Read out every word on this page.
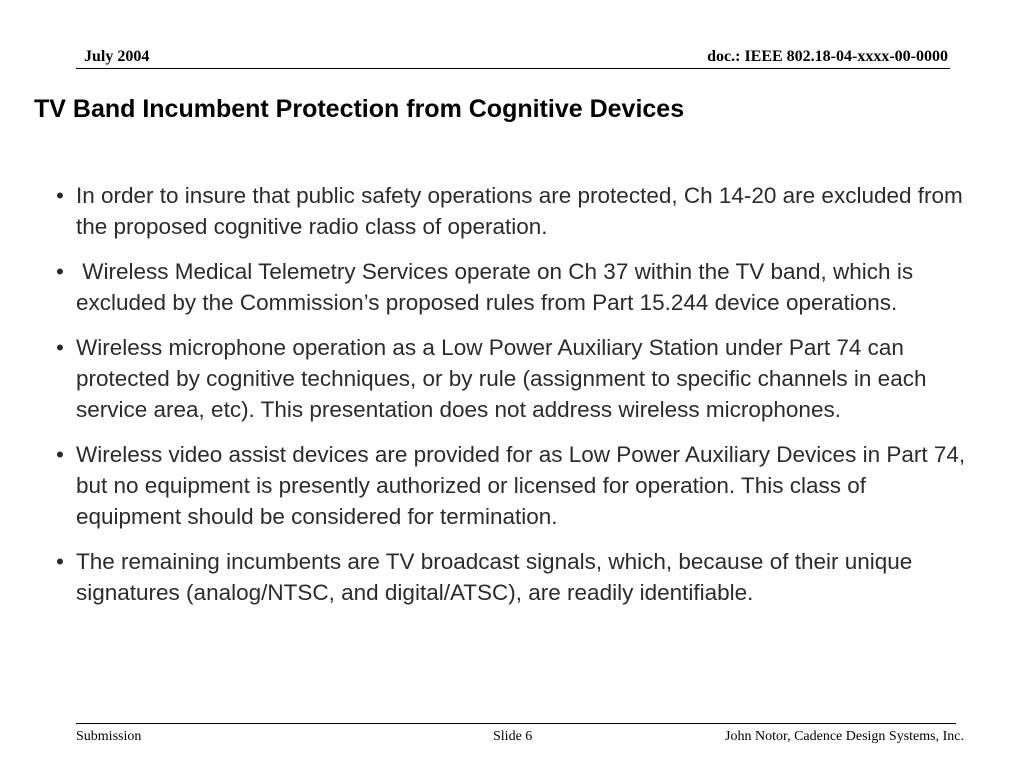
July 2004	doc.: IEEE 802.18-04-xxxx-00-0000
TV Band Incumbent Protection from Cognitive Devices
• In order to insure that public safety operations are protected, Ch 14-20 are excluded from the proposed cognitive radio class of operation.
• Wireless Medical Telemetry Services operate on Ch 37 within the TV band, which is excluded by the Commission’s proposed rules from Part 15.244 device operations.
• Wireless microphone operation as a Low Power Auxiliary Station under Part 74 can protected by cognitive techniques, or by rule (assignment to specific channels in each service area, etc). This presentation does not address wireless microphones.
• Wireless video assist devices are provided for as Low Power Auxiliary Devices in Part 74, but no equipment is presently authorized or licensed for operation. This class of equipment should be considered for termination.
• The remaining incumbents are TV broadcast signals, which, because of their unique signatures (analog/NTSC, and digital/ATSC), are readily identifiable.
Submission	Slide 6	John Notor, Cadence Design Systems, Inc.
